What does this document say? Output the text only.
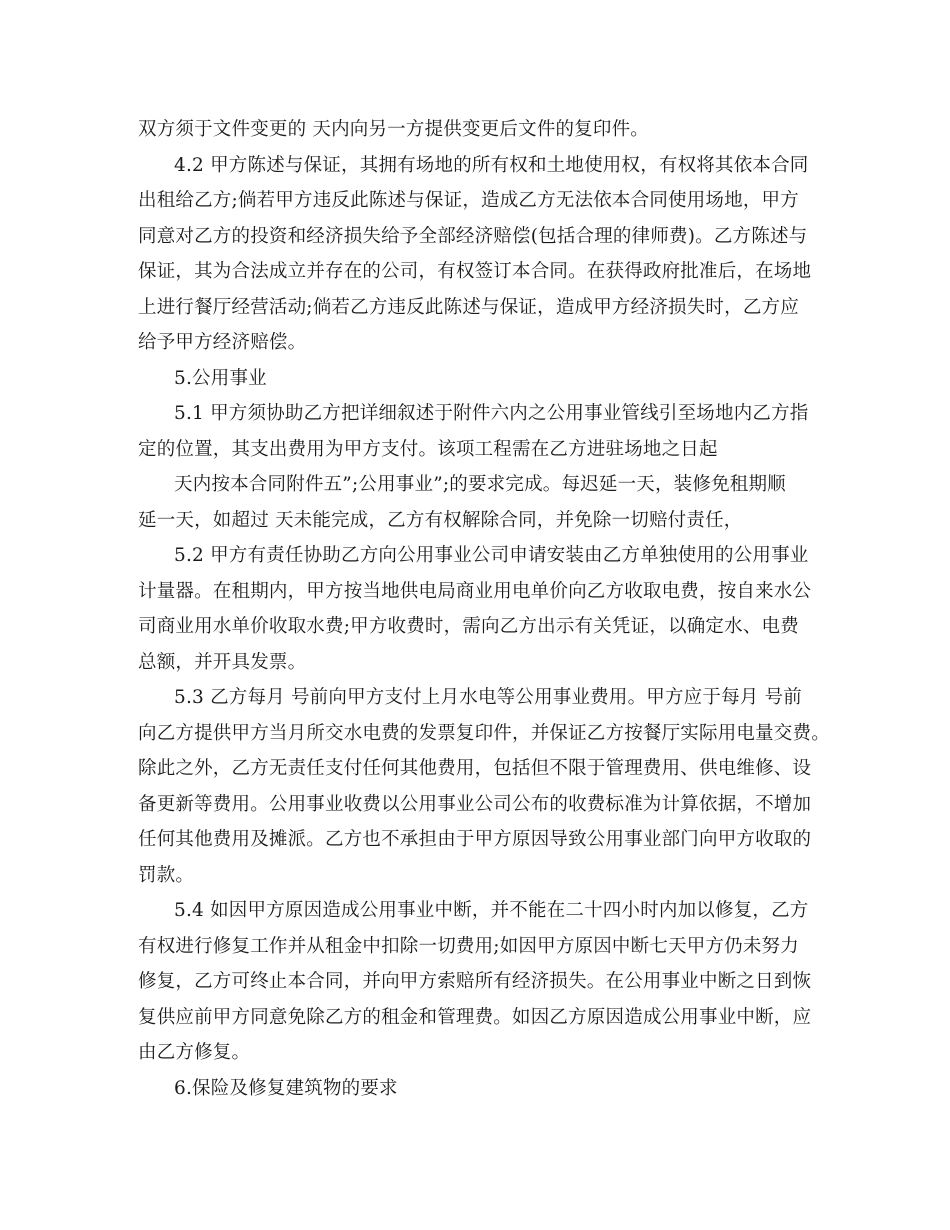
双方须于文件变更的 天内向另一方提供变更后文件的复印件。
4.2 甲方陈述与保证，其拥有场地的所有权和土地使用权，有权将其依本合同
出租给乙方;倘若甲方违反此陈述与保证，造成乙方无法依本合同使用场地，甲方
同意对乙方的投资和经济损失给予全部经济赔偿(包括合理的律师费)。乙方陈述与
保证，其为合法成立并存在的公司，有权签订本合同。在获得政府批准后，在场地
上进行餐厅经营活动;倘若乙方违反此陈述与保证，造成甲方经济损失时，乙方应
给予甲方经济赔偿。
5.公用事业
5.1 甲方须协助乙方把详细叙述于附件六内之公用事业管线引至场地内乙方指
定的位置，其支出费用为甲方支付。该项工程需在乙方进驻场地之日起
天内按本合同附件五”;公用事业”;的要求完成。每迟延一天，装修免租期顺
延一天，如超过 天未能完成，乙方有权解除合同，并免除一切赔付责任，
5.2 甲方有责任协助乙方向公用事业公司申请安装由乙方单独使用的公用事业
计量器。在租期内，甲方按当地供电局商业用电单价向乙方收取电费，按自来水公
司商业用水单价收取水费;甲方收费时，需向乙方出示有关凭证，以确定水、电费
总额，并开具发票。
5.3 乙方每月 号前向甲方支付上月水电等公用事业费用。甲方应于每月 号前
向乙方提供甲方当月所交水电费的发票复印件，并保证乙方按餐厅实际用电量交费。
除此之外，乙方无责任支付任何其他费用，包括但不限于管理费用、供电维修、设
备更新等费用。公用事业收费以公用事业公司公布的收费标准为计算依据，不增加
任何其他费用及摊派。乙方也不承担由于甲方原因导致公用事业部门向甲方收取的
罚款。
5.4 如因甲方原因造成公用事业中断，并不能在二十四小时内加以修复，乙方
有权进行修复工作并从租金中扣除一切费用;如因甲方原因中断七天甲方仍未努力
修复，乙方可终止本合同，并向甲方索赔所有经济损失。在公用事业中断之日到恢
复供应前甲方同意免除乙方的租金和管理费。如因乙方原因造成公用事业中断，应
由乙方修复。
6.保险及修复建筑物的要求
